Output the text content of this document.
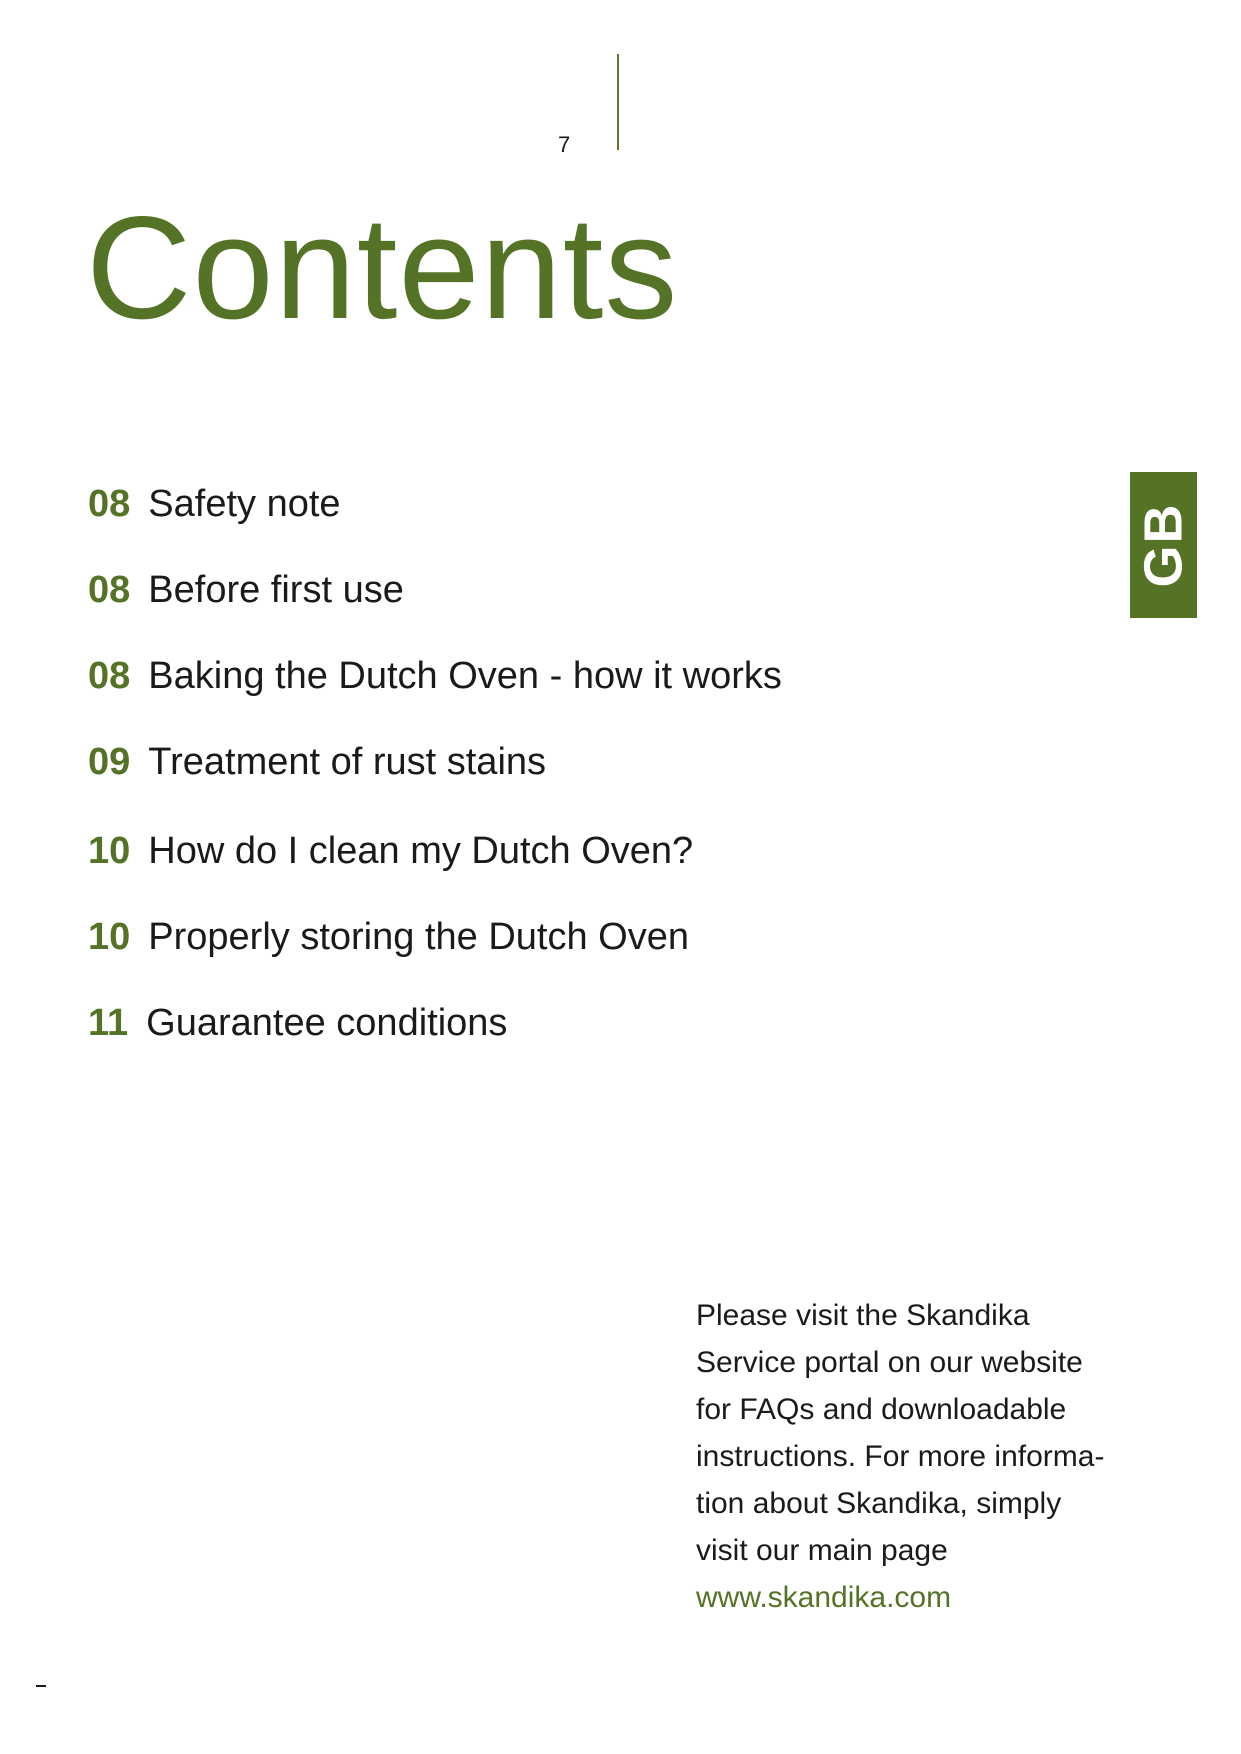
7
Contents
08 Safety note
08 Before first use
08 Baking the Dutch Oven - how it works
09 Treatment of rust stains
10 How do I clean my Dutch Oven?
10 Properly storing the Dutch Oven
11 Guarantee conditions
GB

Please visit the Skandika
Service portal on our website
for FAQs and downloadable
instructions. For more informa-
tion about Skandika, simply
visit our main page
www.skandika.com
